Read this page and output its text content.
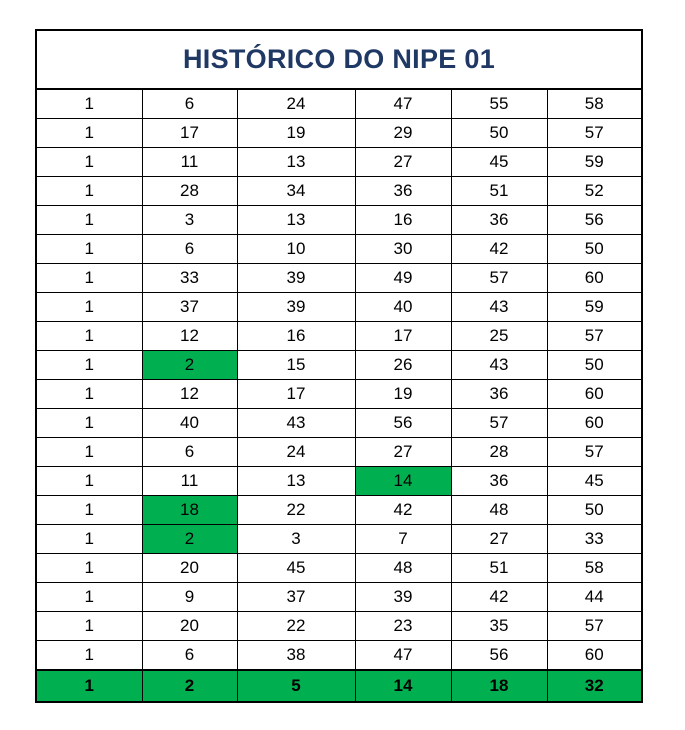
HISTÓRICO DO NIPE 01
1	6	24	47	55	58
1	17	19	29	50	57
1	11	13	27	45	59
1	28	34	36	51	52
1	3	13	16	36	56
1	6	10	30	42	50
1	33	39	49	57	60
1	37	39	40	43	59
1	12	16	17	25	57
1	2	15	26	43	50
1	12	17	19	36	60
1	40	43	56	57	60
1	6	24	27	28	57
1	11	13	14	36	45
1	18	22	42	48	50
1	2	3	7	27	33
1	20	45	48	51	58
1	9	37	39	42	44
1	20	22	23	35	57
1	6	38	47	56	60
1	2	5	14	18	32
